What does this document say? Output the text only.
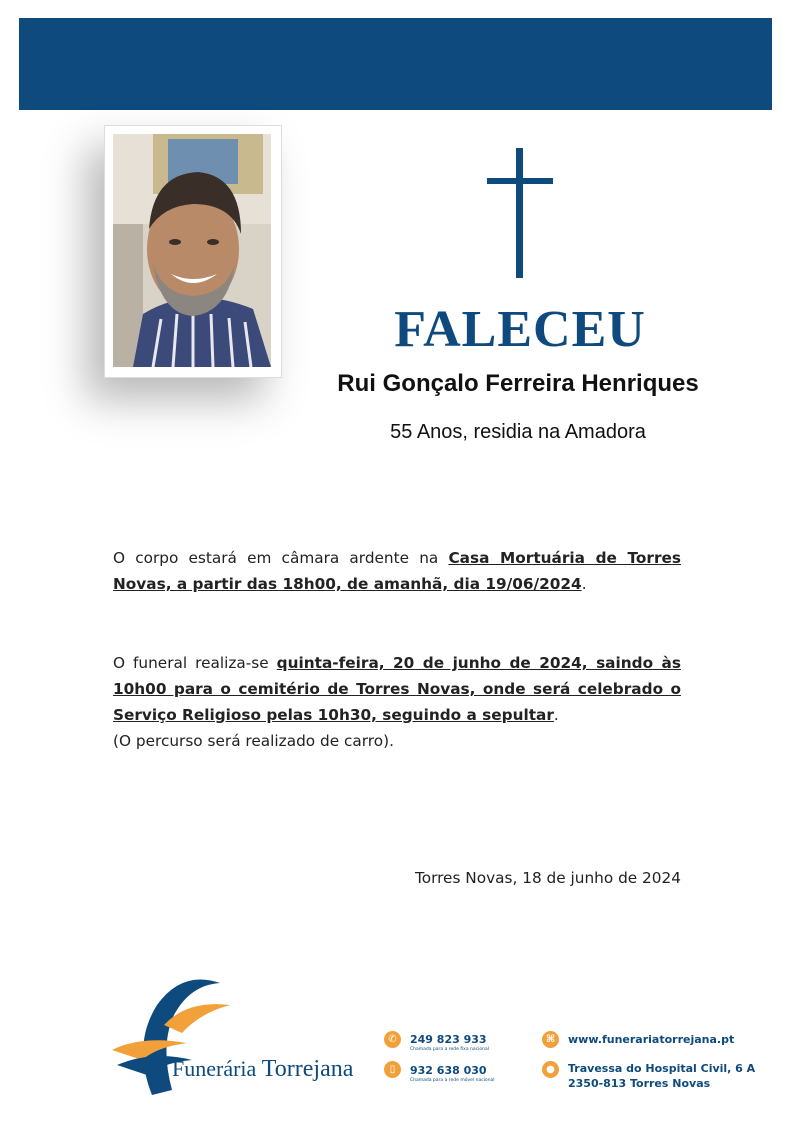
FALECEU
Rui Gonçalo Ferreira Henriques
55 Anos, residia na Amadora
O corpo estará em câmara ardente na Casa Mortuária de Torres Novas, a partir das 18h00, de amanhã, dia 19/06/2024.
O funeral realiza-se quinta-feira, 20 de junho de 2024, saindo às 10h00 para o cemitério de Torres Novas, onde será celebrado o Serviço Religioso pelas 10h30, seguindo a sepultar.
(O percurso será realizado de carro).
Torres Novas, 18 de junho de 2024
Funerária Torrejana
✆	249 823 933
Chamada para a rede fixa nacional
▯	932 638 030
Chamada para a rede móvel nacional
⌘	www.funerariatorrejana.pt
●	Travessa do Hospital Civil, 6 A
2350-813 Torres Novas
